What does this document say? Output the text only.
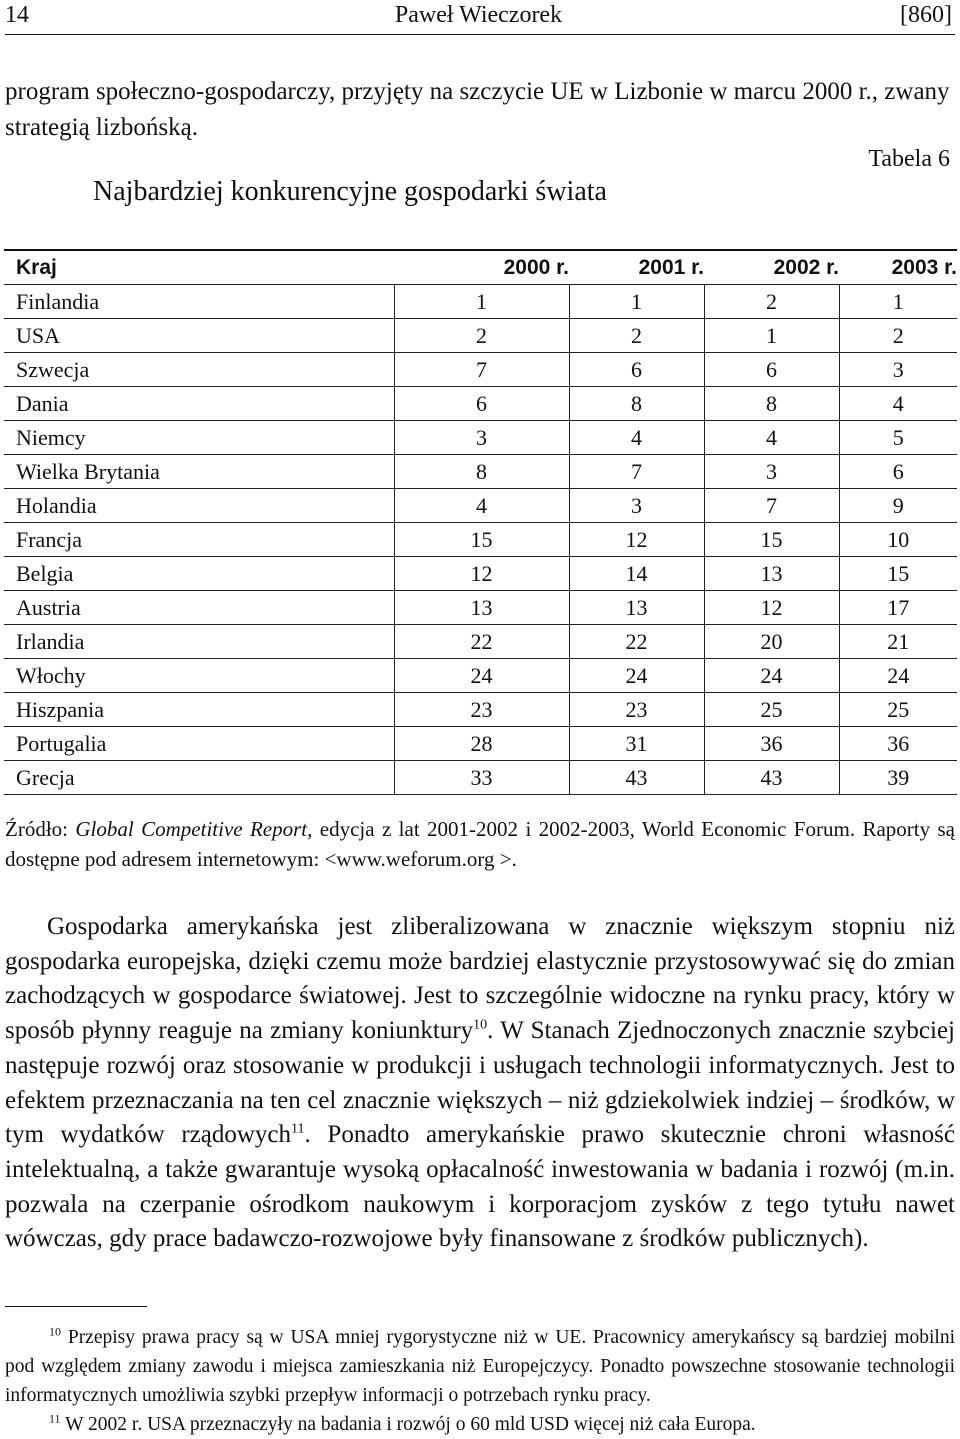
14	Paweł Wieczorek	[860]
program społeczno-gospodarczy, przyjęty na szczycie UE w Lizbonie w marcu 2000 r., zwany strategią lizbońską.
Tabela 6
Najbardziej konkurencyjne gospodarki świata
Kraj	2000 r.	2001 r.	2002 r.	2003 r.
Finlandia	1	1	2	1
USA	2	2	1	2
Szwecja	7	6	6	3
Dania	6	8	8	4
Niemcy	3	4	4	5
Wielka Brytania	8	7	3	6
Holandia	4	3	7	9
Francja	15	12	15	10
Belgia	12	14	13	15
Austria	13	13	12	17
Irlandia	22	22	20	21
Włochy	24	24	24	24
Hiszpania	23	23	25	25
Portugalia	28	31	36	36
Grecja	33	43	43	39
Źródło: Global Competitive Report, edycja z lat 2001-2002 i 2002-2003, World Economic Forum. Raporty są dostępne pod adresem internetowym: <www.weforum.org >.

Gospodarka amerykańska jest zliberalizowana w znacznie większym stopniu niż gospodarka europejska, dzięki czemu może bardziej elastycznie przystosowywać się do zmian zachodzących w gospodarce światowej. Jest to szczególnie widoczne na rynku pracy, który w sposób płynny reaguje na zmiany koniunktury$^{10}$. W Stanach Zjednoczonych znacznie szybciej następuje rozwój oraz stosowanie w produkcji i usługach technologii informatycznych. Jest to efektem przeznaczania na ten cel znacznie większych – niż gdziekolwiek indziej – środków, w tym wydatków rządowych$^{11}$. Ponadto amerykańskie prawo skutecznie chroni własność intelektualną, a także gwarantuje wysoką opłacalność inwestowania w badania i rozwój (m.in. pozwala na czerpanie ośrodkom naukowym i korporacjom zysków z tego tytułu nawet wówczas, gdy prace badawczo-rozwojowe były finansowane z środków publicznych).

$^{10}$ Przepisy prawa pracy są w USA mniej rygorystyczne niż w UE. Pracownicy amerykańscy są bardziej mobilni pod względem zmiany zawodu i miejsca zamieszkania niż Europejczycy. Ponadto powszechne stosowanie technologii informatycznych umożliwia szybki przepływ informacji o potrzebach rynku pracy.

$^{11}$ W 2002 r. USA przeznaczyły na badania i rozwój o 60 mld USD więcej niż cała Europa.
